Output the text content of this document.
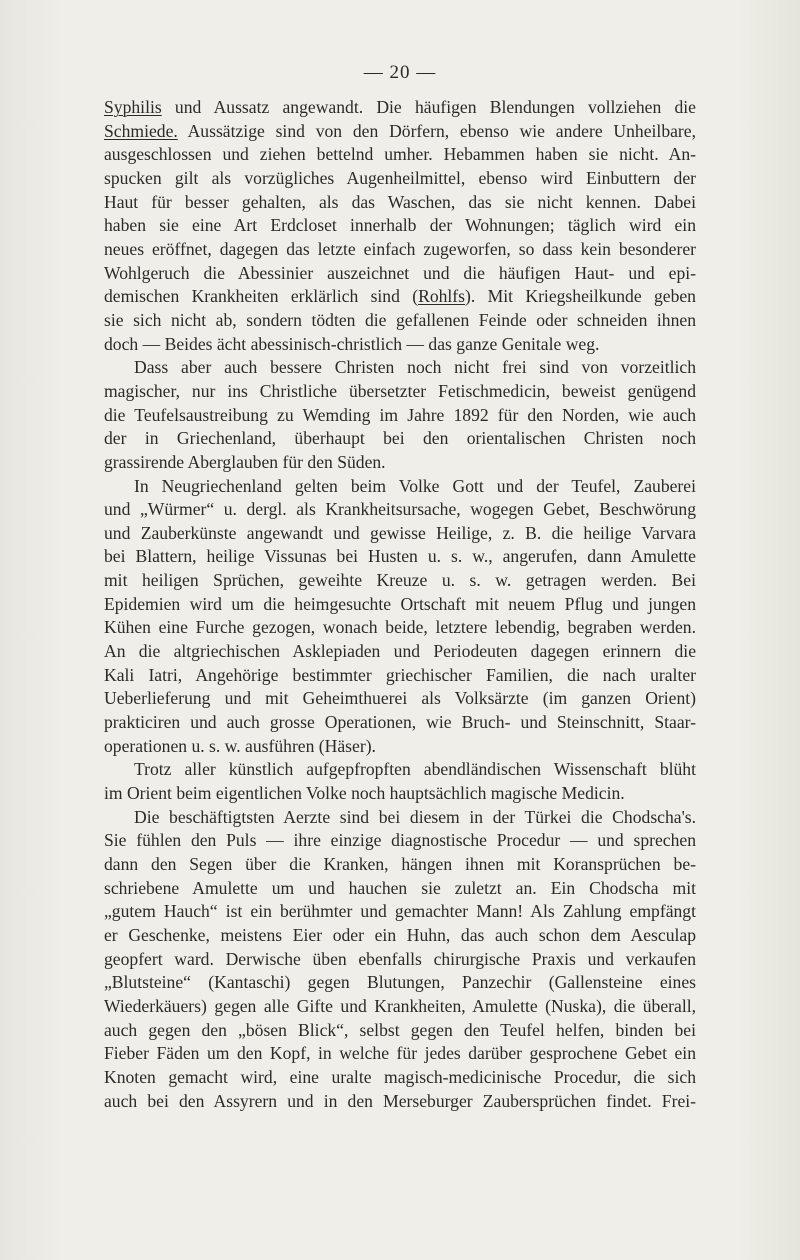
— 20 —
Syphilis und Aussatz angewandt. Die häufigen Blendungen vollziehen die
Schmiede. Aussätzige sind von den Dörfern, ebenso wie andere Unheilbare,
ausgeschlossen und ziehen bettelnd umher. Hebammen haben sie nicht. An-
spucken gilt als vorzügliches Augenheilmittel, ebenso wird Einbuttern der
Haut für besser gehalten, als das Waschen, das sie nicht kennen. Dabei
haben sie eine Art Erdcloset innerhalb der Wohnungen; täglich wird ein
neues eröffnet, dagegen das letzte einfach zugeworfen, so dass kein besonderer
Wohlgeruch die Abessinier auszeichnet und die häufigen Haut- und epi-
demischen Krankheiten erklärlich sind (Rohlfs). Mit Kriegsheilkunde geben
sie sich nicht ab, sondern tödten die gefallenen Feinde oder schneiden ihnen
doch — Beides ächt abessinisch-christlich — das ganze Genitale weg.
Dass aber auch bessere Christen noch nicht frei sind von vorzeitlich
magischer, nur ins Christliche übersetzter Fetischmedicin, beweist genügend
die Teufelsaustreibung zu Wemding im Jahre 1892 für den Norden, wie auch
der in Griechenland, überhaupt bei den orientalischen Christen noch
grassirende Aberglauben für den Süden.
In Neugriechenland gelten beim Volke Gott und der Teufel, Zauberei
und „Würmer“ u. dergl. als Krankheitsursache, wogegen Gebet, Beschwörung
und Zauberkünste angewandt und gewisse Heilige, z. B. die heilige Varvara
bei Blattern, heilige Vissunas bei Husten u. s. w., angerufen, dann Amulette
mit heiligen Sprüchen, geweihte Kreuze u. s. w. getragen werden. Bei
Epidemien wird um die heimgesuchte Ortschaft mit neuem Pflug und jungen
Kühen eine Furche gezogen, wonach beide, letztere lebendig, begraben werden.
An die altgriechischen Asklepiaden und Periodeuten dagegen erinnern die
Kali Iatri, Angehörige bestimmter griechischer Familien, die nach uralter
Ueberlieferung und mit Geheimthuerei als Volksärzte (im ganzen Orient)
prakticiren und auch grosse Operationen, wie Bruch- und Steinschnitt, Staar-
operationen u. s. w. ausführen (Häser).
Trotz aller künstlich aufgepfropften abendländischen Wissenschaft blüht
im Orient beim eigentlichen Volke noch hauptsächlich magische Medicin.
Die beschäftigtsten Aerzte sind bei diesem in der Türkei die Chodscha's.
Sie fühlen den Puls — ihre einzige diagnostische Procedur — und sprechen
dann den Segen über die Kranken, hängen ihnen mit Koransprüchen be-
schriebene Amulette um und hauchen sie zuletzt an. Ein Chodscha mit
„gutem Hauch“ ist ein berühmter und gemachter Mann! Als Zahlung empfängt
er Geschenke, meistens Eier oder ein Huhn, das auch schon dem Aesculap
geopfert ward. Derwische üben ebenfalls chirurgische Praxis und verkaufen
„Blutsteine“ (Kantaschi) gegen Blutungen, Panzechir (Gallensteine eines
Wiederkäuers) gegen alle Gifte und Krankheiten, Amulette (Nuska), die überall,
auch gegen den „bösen Blick“, selbst gegen den Teufel helfen, binden bei
Fieber Fäden um den Kopf, in welche für jedes darüber gesprochene Gebet ein
Knoten gemacht wird, eine uralte magisch-medicinische Procedur, die sich
auch bei den Assyrern und in den Merseburger Zaubersprüchen findet. Frei-
